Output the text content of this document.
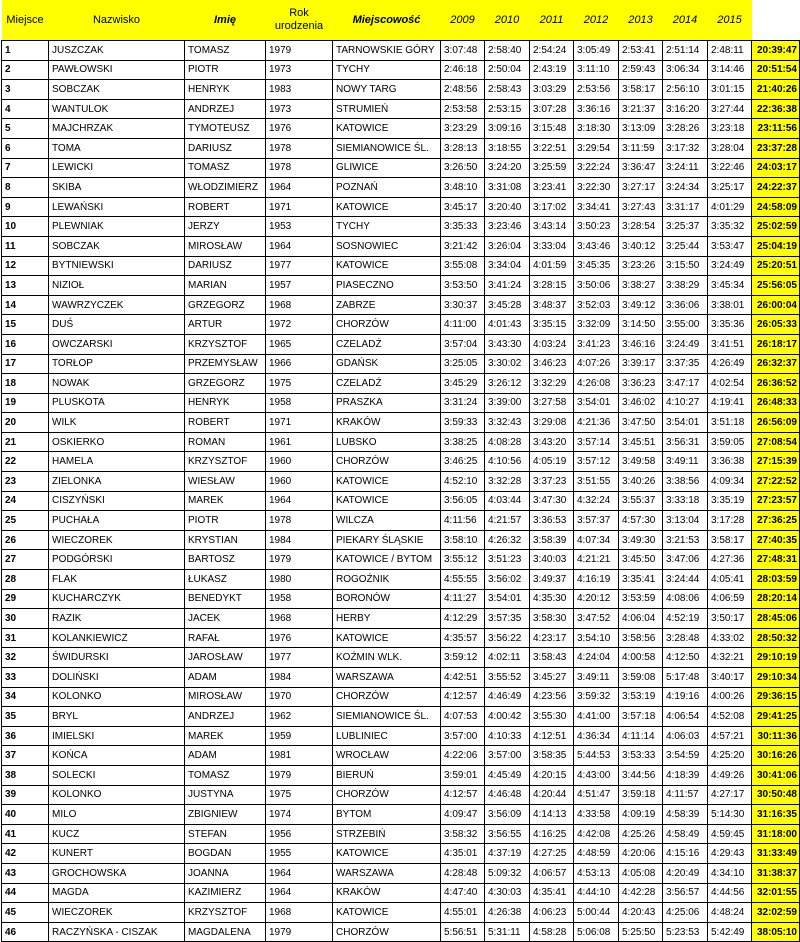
Miejsce	Nazwisko	Imię	Rok urodzenia	Miejscowość	2009	2010	2011	2012	2013	2014	2015	
1	JUSZCZAK	TOMASZ	1979	TARNOWSKIE GÓRY	3:07:48	2:58:40	2:54:24	3:05:49	2:53:41	2:51:14	2:48:11	20:39:47
2	PAWŁOWSKI	PIOTR	1973	TYCHY	2:46:18	2:50:04	2:43:19	3:11:10	2:59:43	3:06:34	3:14:46	20:51:54
3	SOBCZAK	HENRYK	1983	NOWY TARG	2:48:56	2:58:43	3:03:29	2:53:56	3:58:17	2:56:10	3:01:15	21:40:26
4	WANTULOK	ANDRZEJ	1973	STRUMIEŃ	2:53:58	2:53:15	3:07:28	3:36:16	3:21:37	3:16:20	3:27:44	22:36:38
5	MAJCHRZAK	TYMOTEUSZ	1976	KATOWICE	3:23:29	3:09:16	3:15:48	3:18:30	3:13:09	3:28:26	3:23:18	23:11:56
6	TOMA	DARIUSZ	1978	SIEMIANOWICE ŚL.	3:28:13	3:18:55	3:22:51	3:29:54	3:11:59	3:17:32	3:28:04	23:37:28
7	LEWICKI	TOMASZ	1978	GLIWICE	3:26:50	3:24:20	3:25:59	3:22:24	3:36:47	3:24:11	3:22:46	24:03:17
8	SKIBA	WŁODZIMIERZ	1964	POZNAŃ	3:48:10	3:31:08	3:23:41	3:22:30	3:27:17	3:24:34	3:25:17	24:22:37
9	LEWAŃSKI	ROBERT	1971	KATOWICE	3:45:17	3:20:40	3:17:02	3:34:41	3:27:43	3:31:17	4:01:29	24:58:09
10	PLEWNIAK	JERZY	1953	TYCHY	3:35:33	3:23:46	3:43:14	3:50:23	3:28:54	3:25:37	3:35:32	25:02:59
11	SOBCZAK	MIROSŁAW	1964	SOSNOWIEC	3:21:42	3:26:04	3:33:04	3:43:46	3:40:12	3:25:44	3:53:47	25:04:19
12	BYTNIEWSKI	DARIUSZ	1977	KATOWICE	3:55:08	3:34:04	4:01:59	3:45:35	3:23:26	3:15:50	3:24:49	25:20:51
13	NIZIOŁ	MARIAN	1957	PIASECZNO	3:53:50	3:41:24	3:28:15	3:50:06	3:38:27	3:38:29	3:45:34	25:56:05
14	WAWRZYCZEK	GRZEGORZ	1968	ZABRZE	3:30:37	3:45:28	3:48:37	3:52:03	3:49:12	3:36:06	3:38:01	26:00:04
15	DUŚ	ARTUR	1972	CHORZÓW	4:11:00	4:01:43	3:35:15	3:32:09	3:14:50	3:55:00	3:35:36	26:05:33
16	OWCZARSKI	KRZYSZTOF	1965	CZELADŹ	3:57:04	3:43:30	4:03:24	3:41:23	3:46:16	3:24:49	3:41:51	26:18:17
17	TORŁOP	PRZEMYSŁAW	1966	GDAŃSK	3:25:05	3:30:02	3:46:23	4:07:26	3:39:17	3:37:35	4:26:49	26:32:37
18	NOWAK	GRZEGORZ	1975	CZELADŹ	3:45:29	3:26:12	3:32:29	4:26:08	3:36:23	3:47:17	4:02:54	26:36:52
19	PLUSKOTA	HENRYK	1958	PRASZKA	3:31:24	3:39:00	3:27:58	3:54:01	3:46:02	4:10:27	4:19:41	26:48:33
20	WILK	ROBERT	1971	KRAKÓW	3:59:33	3:32:43	3:29:08	4:21:36	3:47:50	3:54:01	3:51:18	26:56:09
21	OSKIERKO	ROMAN	1961	LUBSKO	3:38:25	4:08:28	3:43:20	3:57:14	3:45:51	3:56:31	3:59:05	27:08:54
22	HAMELA	KRZYSZTOF	1960	CHORZÓW	3:46:25	4:10:56	4:05:19	3:57:12	3:49:58	3:49:11	3:36:38	27:15:39
23	ZIELONKA	WIESŁAW	1960	KATOWICE	4:52:10	3:32:28	3:37:23	3:51:55	3:40:26	3:38:56	4:09:34	27:22:52
24	CISZYŃSKI	MAREK	1964	KATOWICE	3:56:05	4:03:44	3:47:30	4:32:24	3:55:37	3:33:18	3:35:19	27:23:57
25	PUCHAŁA	PIOTR	1978	WILCZA	4:11:56	4:21:57	3:36:53	3:57:37	4:57:30	3:13:04	3:17:28	27:36:25
26	WIECZOREK	KRYSTIAN	1984	PIEKARY ŚLĄSKIE	3:58:10	4:26:32	3:58:39	4:07:34	3:49:30	3:21:53	3:58:17	27:40:35
27	PODGÓRSKI	BARTOSZ	1979	KATOWICE / BYTOM	3:55:12	3:51:23	3:40:03	4:21:21	3:45:50	3:47:06	4:27:36	27:48:31
28	FLAK	ŁUKASZ	1980	ROGOŹNIK	4:55:55	3:56:02	3:49:37	4:16:19	3:35:41	3:24:44	4:05:41	28:03:59
29	KUCHARCZYK	BENEDYKT	1958	BORONÓW	4:11:27	3:54:01	4:35:30	4:20:12	3:53:59	4:08:06	4:06:59	28:20:14
30	RAZIK	JACEK	1968	HERBY	4:12:29	3:57:35	3:58:30	3:47:52	4:06:04	4:52:19	3:50:17	28:45:06
31	KOLANKIEWICZ	RAFAŁ	1976	KATOWICE	4:35:57	3:56:22	4:23:17	3:54:10	3:58:56	3:28:48	4:33:02	28:50:32
32	ŚWIDURSKI	JAROSŁAW	1977	KOŹMIN WLK.	3:59:12	4:02:11	3:58:43	4:24:04	4:00:58	4:12:50	4:32:21	29:10:19
33	DOLIŃSKI	ADAM	1984	WARSZAWA	4:42:51	3:55:52	3:45:27	3:49:11	3:59:08	5:17:48	3:40:17	29:10:34
34	KOLONKO	MIROSŁAW	1970	CHORZÓW	4:12:57	4:46:49	4:23:56	3:59:32	3:53:19	4:19:16	4:00:26	29:36:15
35	BRYL	ANDRZEJ	1962	SIEMIANOWICE ŚL.	4:07:53	4:00:42	3:55:30	4:41:00	3:57:18	4:06:54	4:52:08	29:41:25
36	IMIELSKI	MAREK	1959	LUBLINIEC	3:57:00	4:10:33	4:12:51	4:36:34	4:11:14	4:06:03	4:57:21	30:11:36
37	KOŃCA	ADAM	1981	WROCŁAW	4:22:06	3:57:00	3:58:35	5:44:53	3:53:33	3:54:59	4:25:20	30:16:26
38	SOLECKI	TOMASZ	1979	BIERUŃ	3:59:01	4:45:49	4:20:15	4:43:00	3:44:56	4:18:39	4:49:26	30:41:06
39	KOLONKO	JUSTYNA	1975	CHORZÓW	4:12:57	4:46:48	4:20:44	4:51:47	3:59:18	4:11:57	4:27:17	30:50:48
40	MILO	ZBIGNIEW	1974	BYTOM	4:09:47	3:56:09	4:14:13	4:33:58	4:09:19	4:58:39	5:14:30	31:16:35
41	KUCZ	STEFAN	1956	STRZEBIŃ	3:58:32	3:56:55	4:16:25	4:42:08	4:25:26	4:58:49	4:59:45	31:18:00
42	KUNERT	BOGDAN	1955	KATOWICE	4:35:01	4:37:19	4:27:25	4:48:59	4:20:06	4:15:16	4:29:43	31:33:49
43	GROCHOWSKA	JOANNA	1964	WARSZAWA	4:28:48	5:09:32	4:06:57	4:53:13	4:05:08	4:20:49	4:34:10	31:38:37
44	MAGDA	KAZIMIERZ	1964	KRAKÓW	4:47:40	4:30:03	4:35:41	4:44:10	4:42:28	3:56:57	4:44:56	32:01:55
45	WIECZOREK	KRZYSZTOF	1968	KATOWICE	4:55:01	4:26:38	4:06:23	5:00:44	4:20:43	4:25:06	4:48:24	32:02:59
46	RACZYŃSKA - CISZAK	MAGDALENA	1979	CHORZÓW	5:56:51	5:31:11	4:58:28	5:06:08	5:25:50	5:23:53	5:42:49	38:05:10
